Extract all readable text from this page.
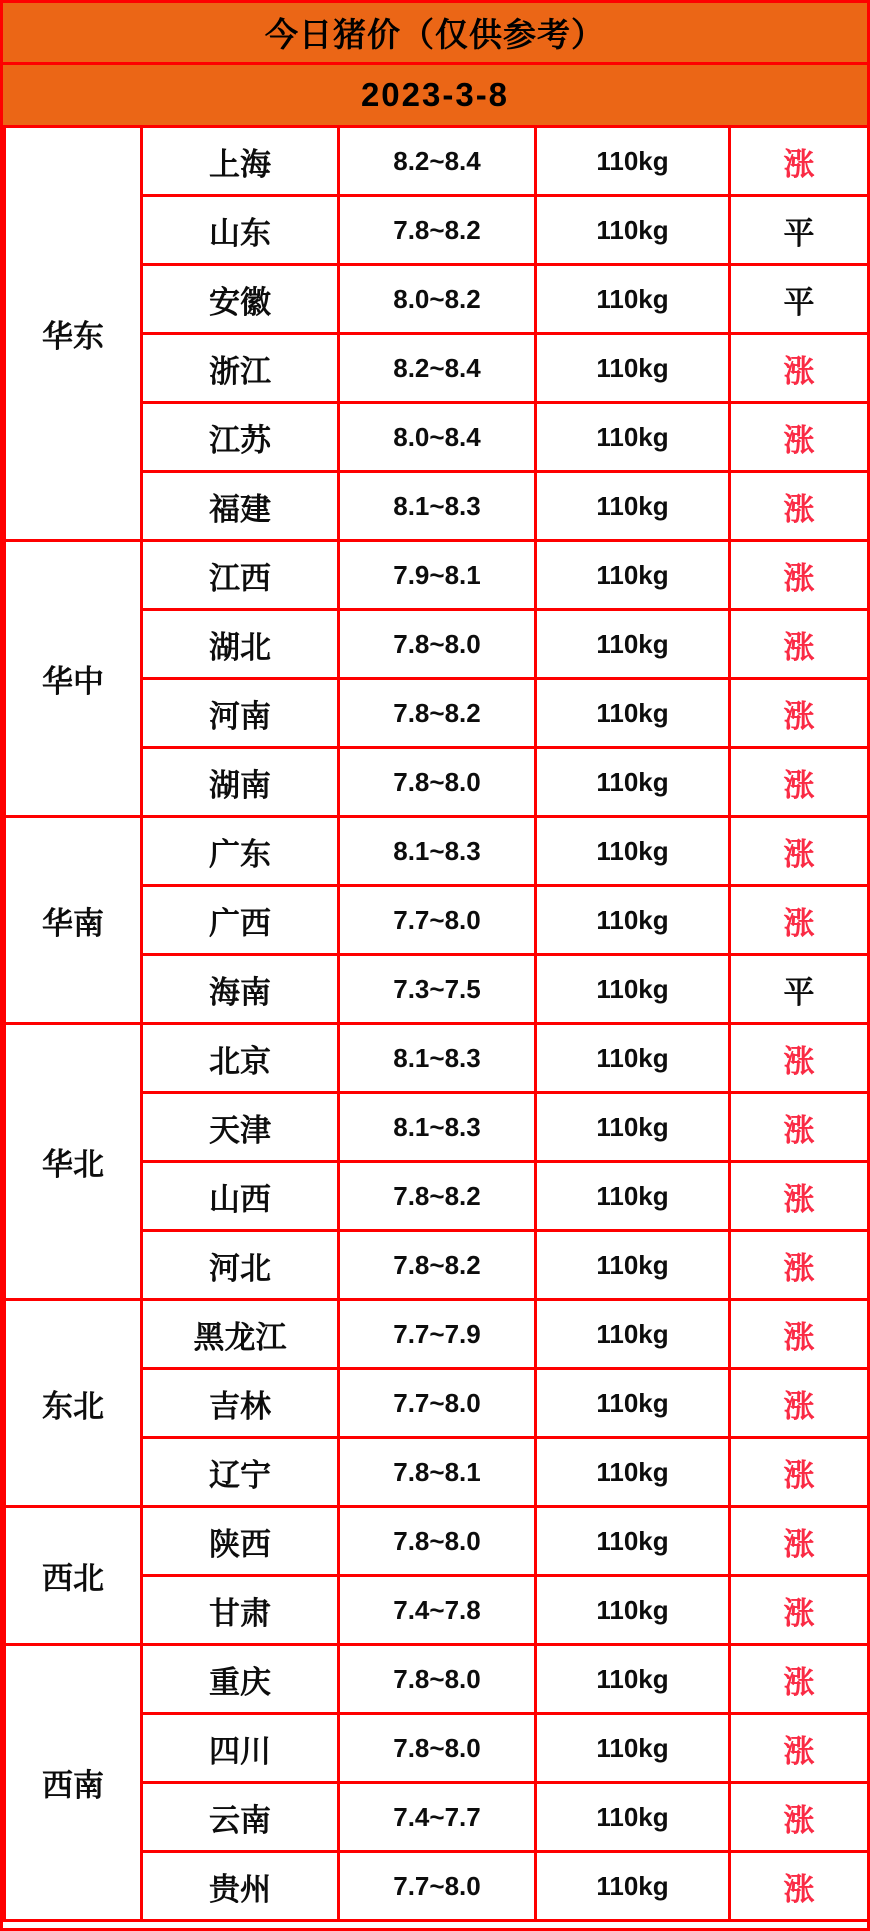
今日猪价（仅供参考）
2023-3-8
华东	上海	8.2~8.4	110kg	涨
	山东	7.8~8.2	110kg	平
	安徽	8.0~8.2	110kg	平
	浙江	8.2~8.4	110kg	涨
	江苏	8.0~8.4	110kg	涨
	福建	8.1~8.3	110kg	涨
华中	江西	7.9~8.1	110kg	涨
	湖北	7.8~8.0	110kg	涨
	河南	7.8~8.2	110kg	涨
	湖南	7.8~8.0	110kg	涨
华南	广东	8.1~8.3	110kg	涨
	广西	7.7~8.0	110kg	涨
	海南	7.3~7.5	110kg	平
华北	北京	8.1~8.3	110kg	涨
	天津	8.1~8.3	110kg	涨
	山西	7.8~8.2	110kg	涨
	河北	7.8~8.2	110kg	涨
东北	黑龙江	7.7~7.9	110kg	涨
	吉林	7.7~8.0	110kg	涨
	辽宁	7.8~8.1	110kg	涨
西北	陕西	7.8~8.0	110kg	涨
	甘肃	7.4~7.8	110kg	涨
西南	重庆	7.8~8.0	110kg	涨
	四川	7.8~8.0	110kg	涨
	云南	7.4~7.7	110kg	涨
	贵州	7.7~8.0	110kg	涨
